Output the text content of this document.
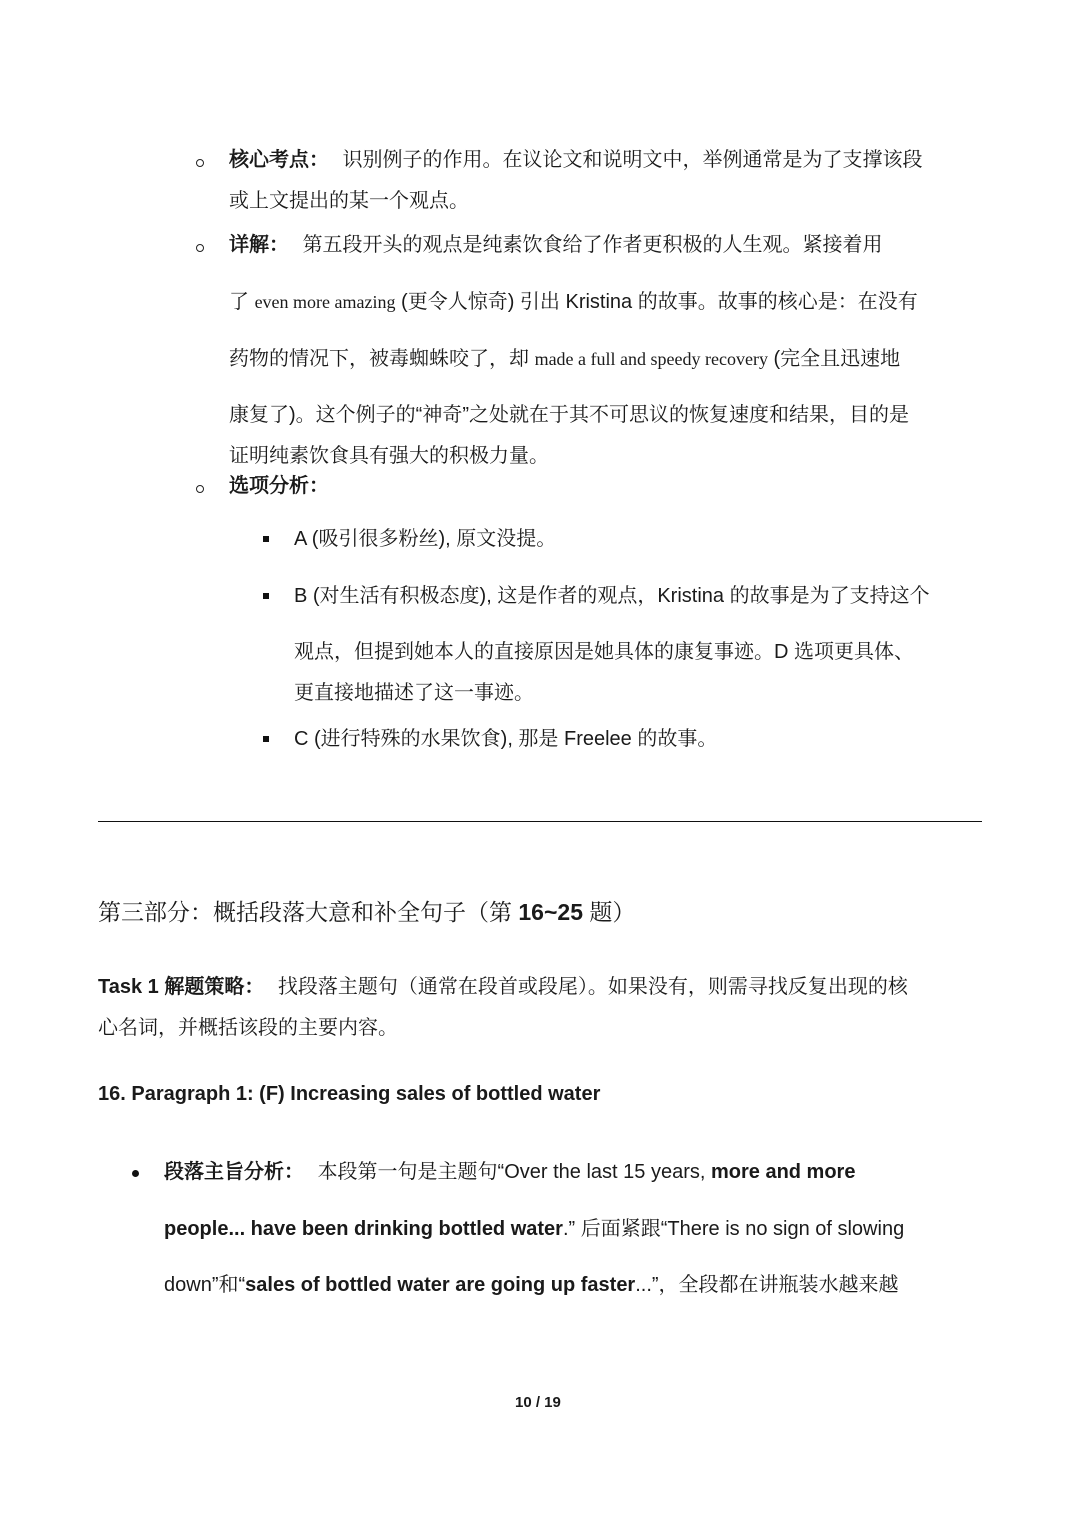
核心考点： 识别例子的作用。在议论文和说明文中，举例通常是为了支撑该段
或上文提出的某一个观点。
详解： 第五段开头的观点是纯素饮食给了作者更积极的人生观。紧接着用
了 even more amazing (更令人惊奇) 引出 Kristina 的故事。故事的核心是：在没有
药物的情况下，被毒蜘蛛咬了，却 made a full and speedy recovery (完全且迅速地
康复了)。这个例子的“神奇”之处就在于其不可思议的恢复速度和结果，目的是
证明纯素饮食具有强大的积极力量。
选项分析：
A (吸引很多粉丝), 原文没提。
B (对生活有积极态度), 这是作者的观点，Kristina 的故事是为了支持这个
观点，但提到她本人的直接原因是她具体的康复事迹。D 选项更具体、
更直接地描述了这一事迹。
C (进行特殊的水果饮食), 那是 Freelee 的故事。
第三部分：概括段落大意和补全句子（第 16~25 题）
Task 1 解题策略： 找段落主题句（通常在段首或段尾）。如果没有，则需寻找反复出现的核
心名词，并概括该段的主要内容。
16. Paragraph 1: (F) Increasing sales of bottled water
段落主旨分析： 本段第一句是主题句“Over the last 15 years, more and more
people... have been drinking bottled water.” 后面紧跟“There is no sign of slowing
down”和“sales of bottled water are going up faster...”，全段都在讲瓶装水越来越
10 / 19
